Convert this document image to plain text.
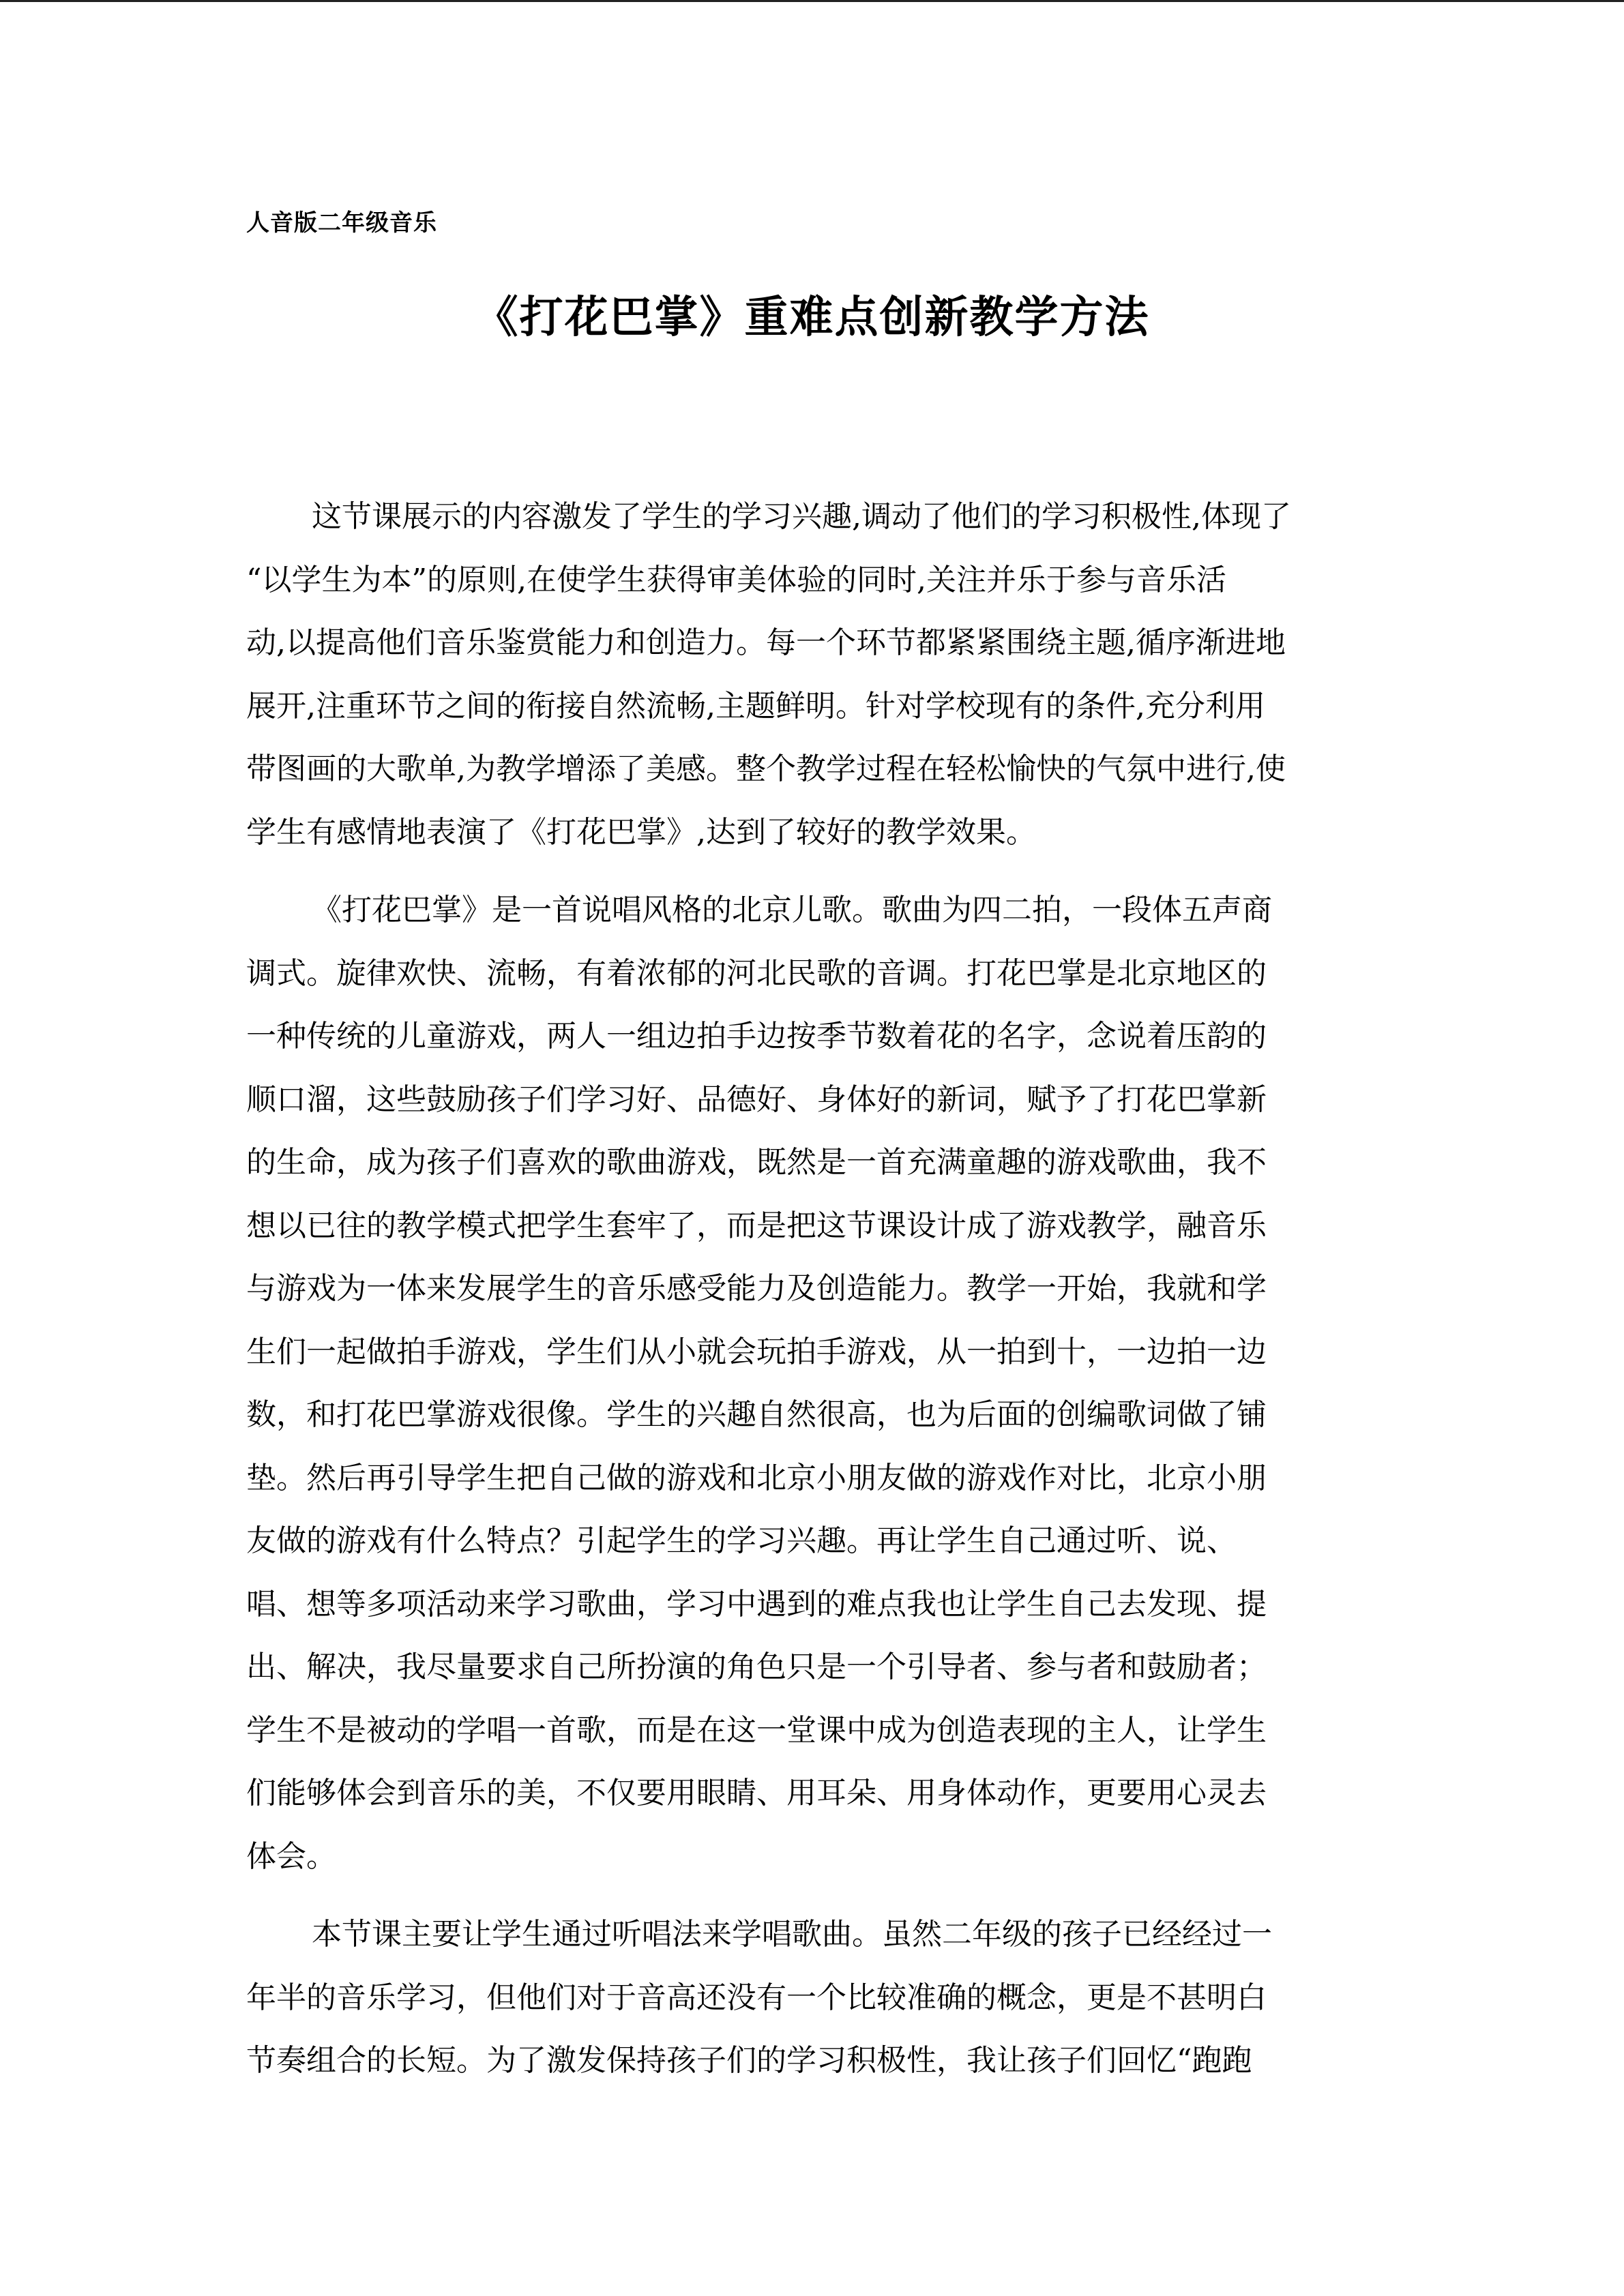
人音版二年级音乐
《打花巴掌》重难点创新教学方法

这节课展示的内容激发了学生的学习兴趣,调动了他们的学习积极性,体现了
“以学生为本”的原则,在使学生获得审美体验的同时,关注并乐于参与音乐活
动,以提高他们音乐鉴赏能力和创造力。每一个环节都紧紧围绕主题,循序渐进地
展开,注重环节之间的衔接自然流畅,主题鲜明。针对学校现有的条件,充分利用
带图画的大歌单,为教学增添了美感。整个教学过程在轻松愉快的气氛中进行,使
学生有感情地表演了《打花巴掌》,达到了较好的教学效果。

《打花巴掌》是一首说唱风格的北京儿歌。歌曲为四二拍，一段体五声商
调式。旋律欢快、流畅，有着浓郁的河北民歌的音调。打花巴掌是北京地区的
一种传统的儿童游戏，两人一组边拍手边按季节数着花的名字，念说着压韵的
顺口溜，这些鼓励孩子们学习好、品德好、身体好的新词，赋予了打花巴掌新
的生命，成为孩子们喜欢的歌曲游戏，既然是一首充满童趣的游戏歌曲，我不
想以已往的教学模式把学生套牢了，而是把这节课设计成了游戏教学，融音乐
与游戏为一体来发展学生的音乐感受能力及创造能力。教学一开始，我就和学
生们一起做拍手游戏，学生们从小就会玩拍手游戏，从一拍到十，一边拍一边
数，和打花巴掌游戏很像。学生的兴趣自然很高，也为后面的创编歌词做了铺
垫。然后再引导学生把自己做的游戏和北京小朋友做的游戏作对比，北京小朋
友做的游戏有什么特点？引起学生的学习兴趣。再让学生自己通过听、说、
唱、想等多项活动来学习歌曲，学习中遇到的难点我也让学生自己去发现、提
出、解决，我尽量要求自己所扮演的角色只是一个引导者、参与者和鼓励者；
学生不是被动的学唱一首歌，而是在这一堂课中成为创造表现的主人，让学生
们能够体会到音乐的美，不仅要用眼睛、用耳朵、用身体动作，更要用心灵去
体会。

本节课主要让学生通过听唱法来学唱歌曲。虽然二年级的孩子已经经过一
年半的音乐学习，但他们对于音高还没有一个比较准确的概念，更是不甚明白
节奏组合的长短。为了激发保持孩子们的学习积极性，我让孩子们回忆“跑跑
